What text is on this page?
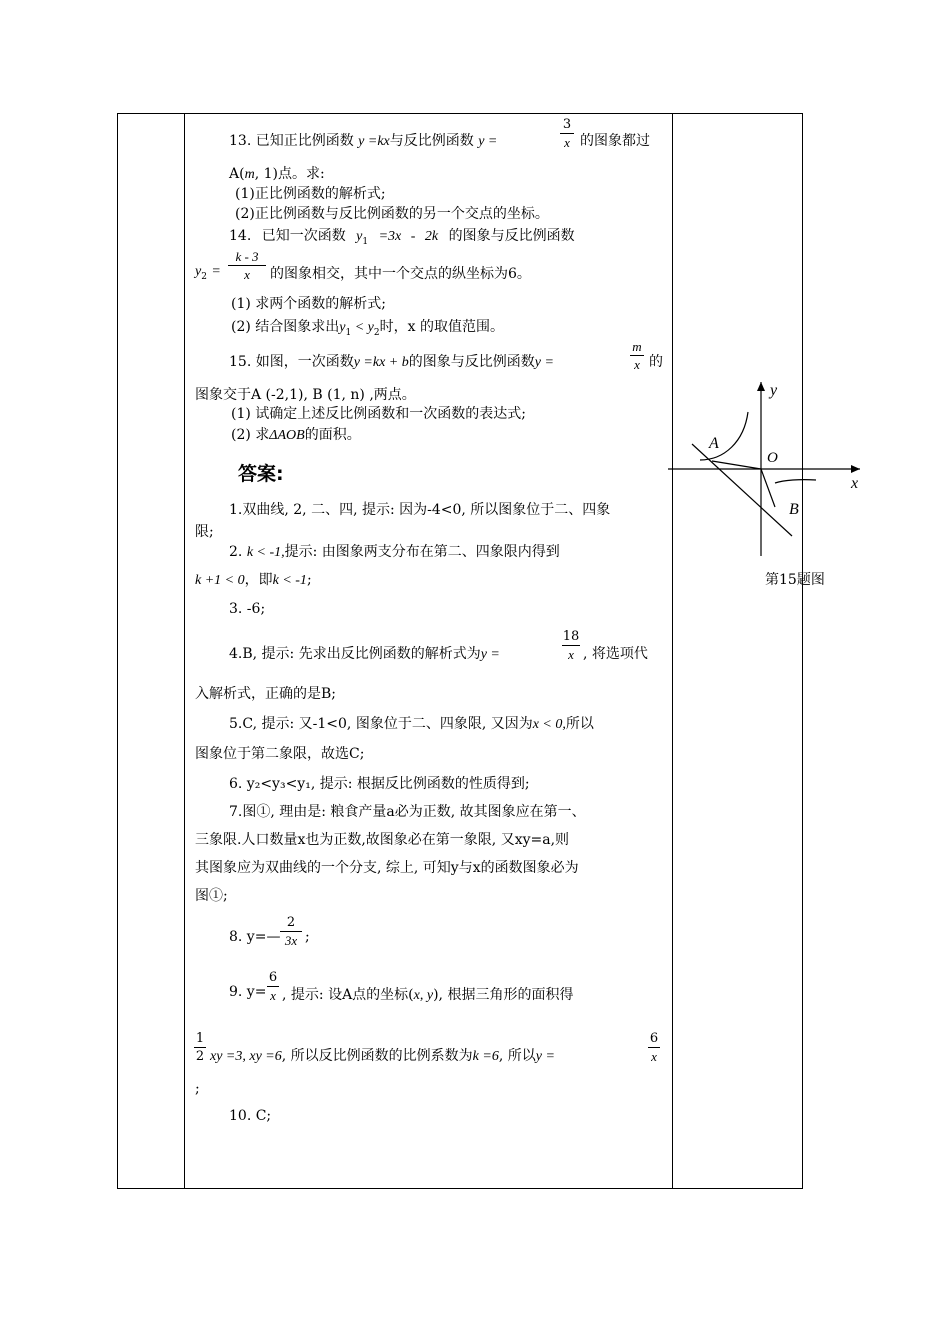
13. 已知正比例函数 y =kx与反比例函数 y =
3
x 的图象都过
A(m, 1)点。求:
(1)正比例函数的解析式;
(2)正比例函数与反比例函数的另一个交点的坐标。
14. 已知一次函数 $y_1 =3x - 2k$ 的图象与反比例函数
$y_2$ =
k - 3
x	的图象相交，其中一个交点的纵坐标为6。
(1) 求两个函数的解析式;
(2) 结合图象求出$y_1 < y_2$时，x 的取值范围。
15. 如图，一次函数y =kx + b的图象与反比例函数y =
m
x 的
图象交于A (-2,1), B (1, n) ,两点。
(1) 试确定上述反比例函数和一次函数的表达式;
(2) 求ΔAOB的面积。
答案:
1.双曲线, 2, 二、四, 提示: 因为-4<0, 所以图象位于二、四象
限;
2. k < -1,提示: 由图象两支分布在第二、四象限内得到
k +1 < 0，即k < -1;
3. -6;
4.B, 提示: 先求出反比例函数的解析式为y =
18
x , 将选项代
入解析式，正确的是B;
5.C, 提示: 又-1<0, 图象位于二、四象限, 又因为x < 0,所以
图象位于第二象限，故选C;
6. y₂<y₃<y₁, 提示: 根据反比例函数的性质得到;
7.图①, 理由是: 粮食产量a必为正数, 故其图象应在第一、
三象限.人口数量x也为正数,故图象必在第一象限, 又xy=a,则
其图象应为双曲线的一个分支, 综上, 可知y与x的函数图象必为
图①;
8. y=—
2
3x ;
9. y=
6
x , 提示: 设A点的坐标(x, y), 根据三角形的面积得
1
2 xy =3, xy =6, 所以反比例函数的比例系数为k =6, 所以y =
6
x
;
10. C;
y
O
x
A
B
第15题图
